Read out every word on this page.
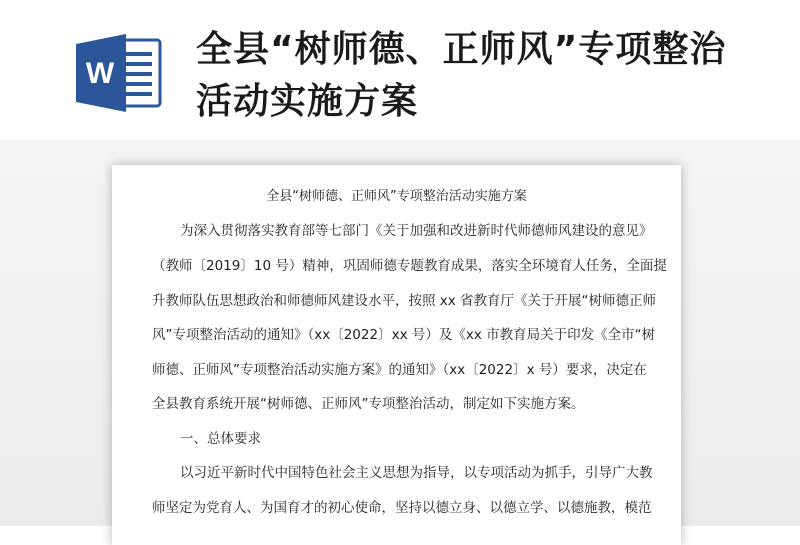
W
全县“树师德、正师风”专项整治活动实施方案
全县“树师德、正师风”专项整治活动实施方案
为深入贯彻落实教育部等七部门《关于加强和改进新时代师德师风建设的意见》
（教师〔2019〕10 号）精神，巩固师德专题教育成果，落实全环境育人任务，全面提
升教师队伍思想政治和师德师风建设水平，按照 xx 省教育厅《关于开展“树师德正师
风”专项整治活动的通知》（xx〔2022〕xx 号）及《xx 市教育局关于印发《全市“树
师德、正师风”专项整治活动实施方案》的通知》（xx〔2022〕x 号）要求，决定在
全县教育系统开展“树师德、正师风”专项整治活动，制定如下实施方案。
一、总体要求
以习近平新时代中国特色社会主义思想为指导，以专项活动为抓手，引导广大教
师坚定为党育人、为国育才的初心使命，坚持以德立身、以德立学、以德施教，模范
